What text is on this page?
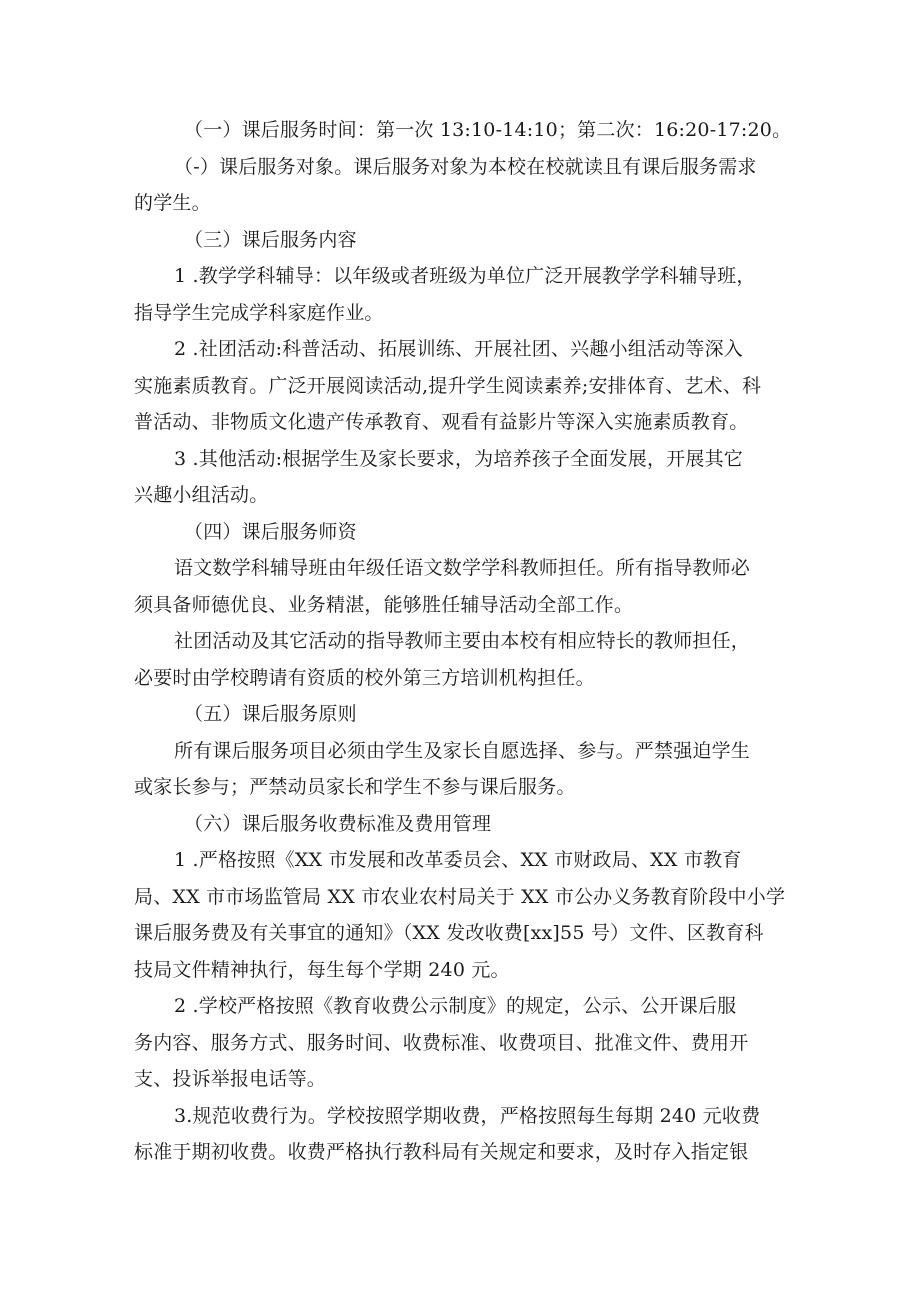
（一）课后服务时间：第一次 13:10-14:10；第二次：16:20-17:20。

（-）课后服务对象。课后服务对象为本校在校就读且有课后服务需求
的学生。

（三）课后服务内容

1 .教学学科辅导：以年级或者班级为单位广泛开展教学学科辅导班，
指导学生完成学科家庭作业。

2 .社团活动:科普活动、拓展训练、开展社团、兴趣小组活动等深入
实施素质教育。广泛开展阅读活动,提升学生阅读素养;安排体育、艺术、科
普活动、非物质文化遗产传承教育、观看有益影片等深入实施素质教育。

3 .其他活动:根据学生及家长要求，为培养孩子全面发展，开展其它
兴趣小组活动。

（四）课后服务师资

语文数学科辅导班由年级任语文数学学科教师担任。所有指导教师必
须具备师德优良、业务精湛，能够胜任辅导活动全部工作。

社团活动及其它活动的指导教师主要由本校有相应特长的教师担任，
必要时由学校聘请有资质的校外第三方培训机构担任。

（五）课后服务原则

所有课后服务项目必须由学生及家长自愿选择、参与。严禁强迫学生
或家长参与；严禁动员家长和学生不参与课后服务。

（六）课后服务收费标准及费用管理

1 .严格按照《XX 市发展和改革委员会、XX 市财政局、XX 市教育
局、XX 市市场监管局 XX 市农业农村局关于 XX 市公办义务教育阶段中小学
课后服务费及有关事宜的通知》（XX 发改收费[xx]55 号）文件、区教育科
技局文件精神执行，每生每个学期 240 元。

2 .学校严格按照《教育收费公示制度》的规定，公示、公开课后服
务内容、服务方式、服务时间、收费标准、收费项目、批准文件、费用开
支、投诉举报电话等。

3.规范收费行为。学校按照学期收费，严格按照每生每期 240 元收费
标准于期初收费。收费严格执行教科局有关规定和要求，及时存入指定银
